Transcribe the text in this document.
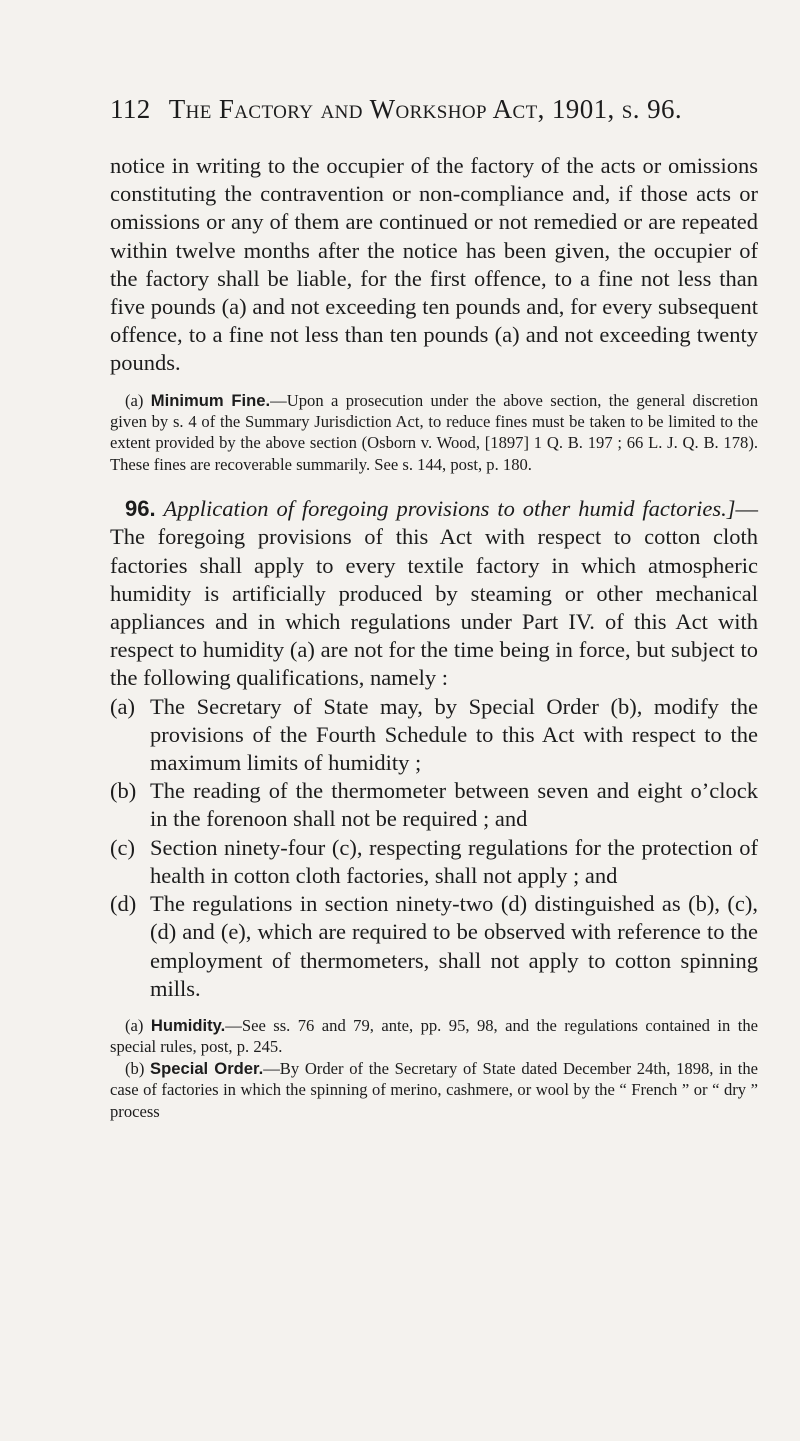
112 The Factory and Workshop Act, 1901, s. 96.

notice in writing to the occupier of the factory of the acts or omissions constituting the contravention or non-compliance and, if those acts or omissions or any of them are continued or not remedied or are repeated within twelve months after the notice has been given, the occupier of the factory shall be liable, for the first offence, to a fine not less than five pounds (a) and not exceeding ten pounds and, for every subsequent offence, to a fine not less than ten pounds (a) and not exceeding twenty pounds.

(a) Minimum Fine.—Upon a prosecution under the above section, the general discretion given by s. 4 of the Summary Jurisdiction Act, to reduce fines must be taken to be limited to the extent provided by the above section (Osborn v. Wood, [1897] 1 Q. B. 197 ; 66 L. J. Q. B. 178). These fines are recoverable summarily. See s. 144, post, p. 180.

96. Application of foregoing provisions to other humid factories.]—The foregoing provisions of this Act with respect to cotton cloth factories shall apply to every textile factory in which atmospheric humidity is artificially produced by steaming or other mechanical appliances and in which regulations under Part IV. of this Act with respect to humidity (a) are not for the time being in force, but subject to the following qualifications, namely :

(a) The Secretary of State may, by Special Order (b), modify the provisions of the Fourth Schedule to this Act with respect to the maximum limits of humidity ;
(b) The reading of the thermometer between seven and eight o’clock in the forenoon shall not be required ; and
(c) Section ninety-four (c), respecting regulations for the protection of health in cotton cloth factories, shall not apply ; and
(d) The regulations in section ninety-two (d) distinguished as (b), (c), (d) and (e), which are required to be observed with reference to the employment of thermometers, shall not apply to cotton spinning mills.

(a) Humidity.—See ss. 76 and 79, ante, pp. 95, 98, and the regulations contained in the special rules, post, p. 245.

(b) Special Order.—By Order of the Secretary of State dated December 24th, 1898, in the case of factories in which the spinning of merino, cashmere, or wool by the “ French ” or “ dry ” process
